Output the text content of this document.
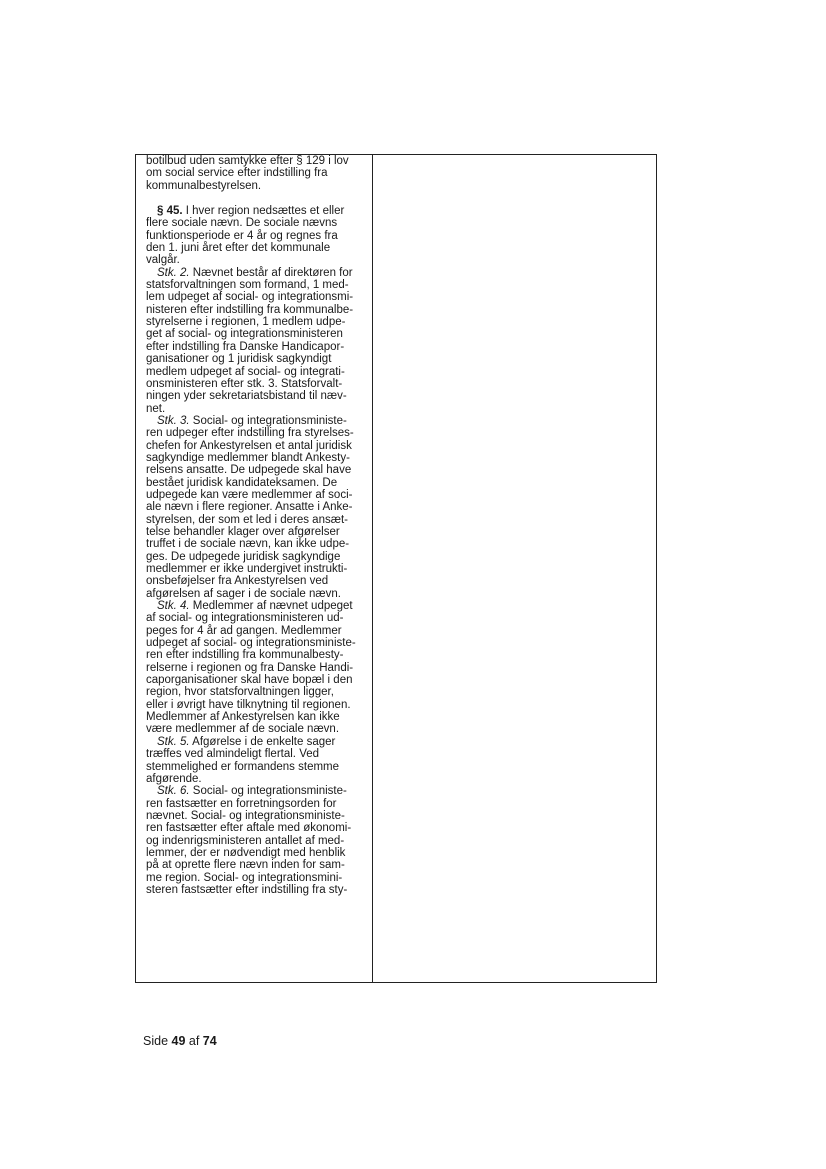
botilbud uden samtykke efter § 129 i lov
om social service efter indstilling fra
kommunalbestyrelsen.

§ 45. I hver region nedsættes et eller
flere sociale nævn. De sociale nævns
funktionsperiode er 4 år og regnes fra
den 1. juni året efter det kommunale
valgår.

Stk. 2. Nævnet består af direktøren for
statsforvaltningen som formand, 1 med-
lem udpeget af social- og integrationsmi-
nisteren efter indstilling fra kommunalbe-
styrelserne i regionen, 1 medlem udpe-
get af social- og integrationsministeren
efter indstilling fra Danske Handicapor-
ganisationer og 1 juridisk sagkyndigt
medlem udpeget af social- og integrati-
onsministeren efter stk. 3. Statsforvalt-
ningen yder sekretariatsbistand til næv-
net.

Stk. 3. Social- og integrationsministe-
ren udpeger efter indstilling fra styrelses-
chefen for Ankestyrelsen et antal juridisk
sagkyndige medlemmer blandt Ankesty-
relsens ansatte. De udpegede skal have
bestået juridisk kandidateksamen. De
udpegede kan være medlemmer af soci-
ale nævn i flere regioner. Ansatte i Anke-
styrelsen, der som et led i deres ansæt-
telse behandler klager over afgørelser
truffet i de sociale nævn, kan ikke udpe-
ges. De udpegede juridisk sagkyndige
medlemmer er ikke undergivet instrukti-
onsbeføjelser fra Ankestyrelsen ved
afgørelsen af sager i de sociale nævn.

Stk. 4. Medlemmer af nævnet udpeget
af social- og integrationsministeren ud-
peges for 4 år ad gangen. Medlemmer
udpeget af social- og integrationsministe-
ren efter indstilling fra kommunalbesty-
relserne i regionen og fra Danske Handi-
caporganisationer skal have bopæl i den
region, hvor statsforvaltningen ligger,
eller i øvrigt have tilknytning til regionen.
Medlemmer af Ankestyrelsen kan ikke
være medlemmer af de sociale nævn.

Stk. 5. Afgørelse i de enkelte sager
træffes ved almindeligt flertal. Ved
stemmelighed er formandens stemme
afgørende.

Stk. 6. Social- og integrationsministe-
ren fastsætter en forretningsorden for
nævnet. Social- og integrationsministe-
ren fastsætter efter aftale med økonomi-
og indenrigsministeren antallet af med-
lemmer, der er nødvendigt med henblik
på at oprette flere nævn inden for sam-
me region. Social- og integrationsmini-
steren fastsætter efter indstilling fra sty-

Side 49 af 74
